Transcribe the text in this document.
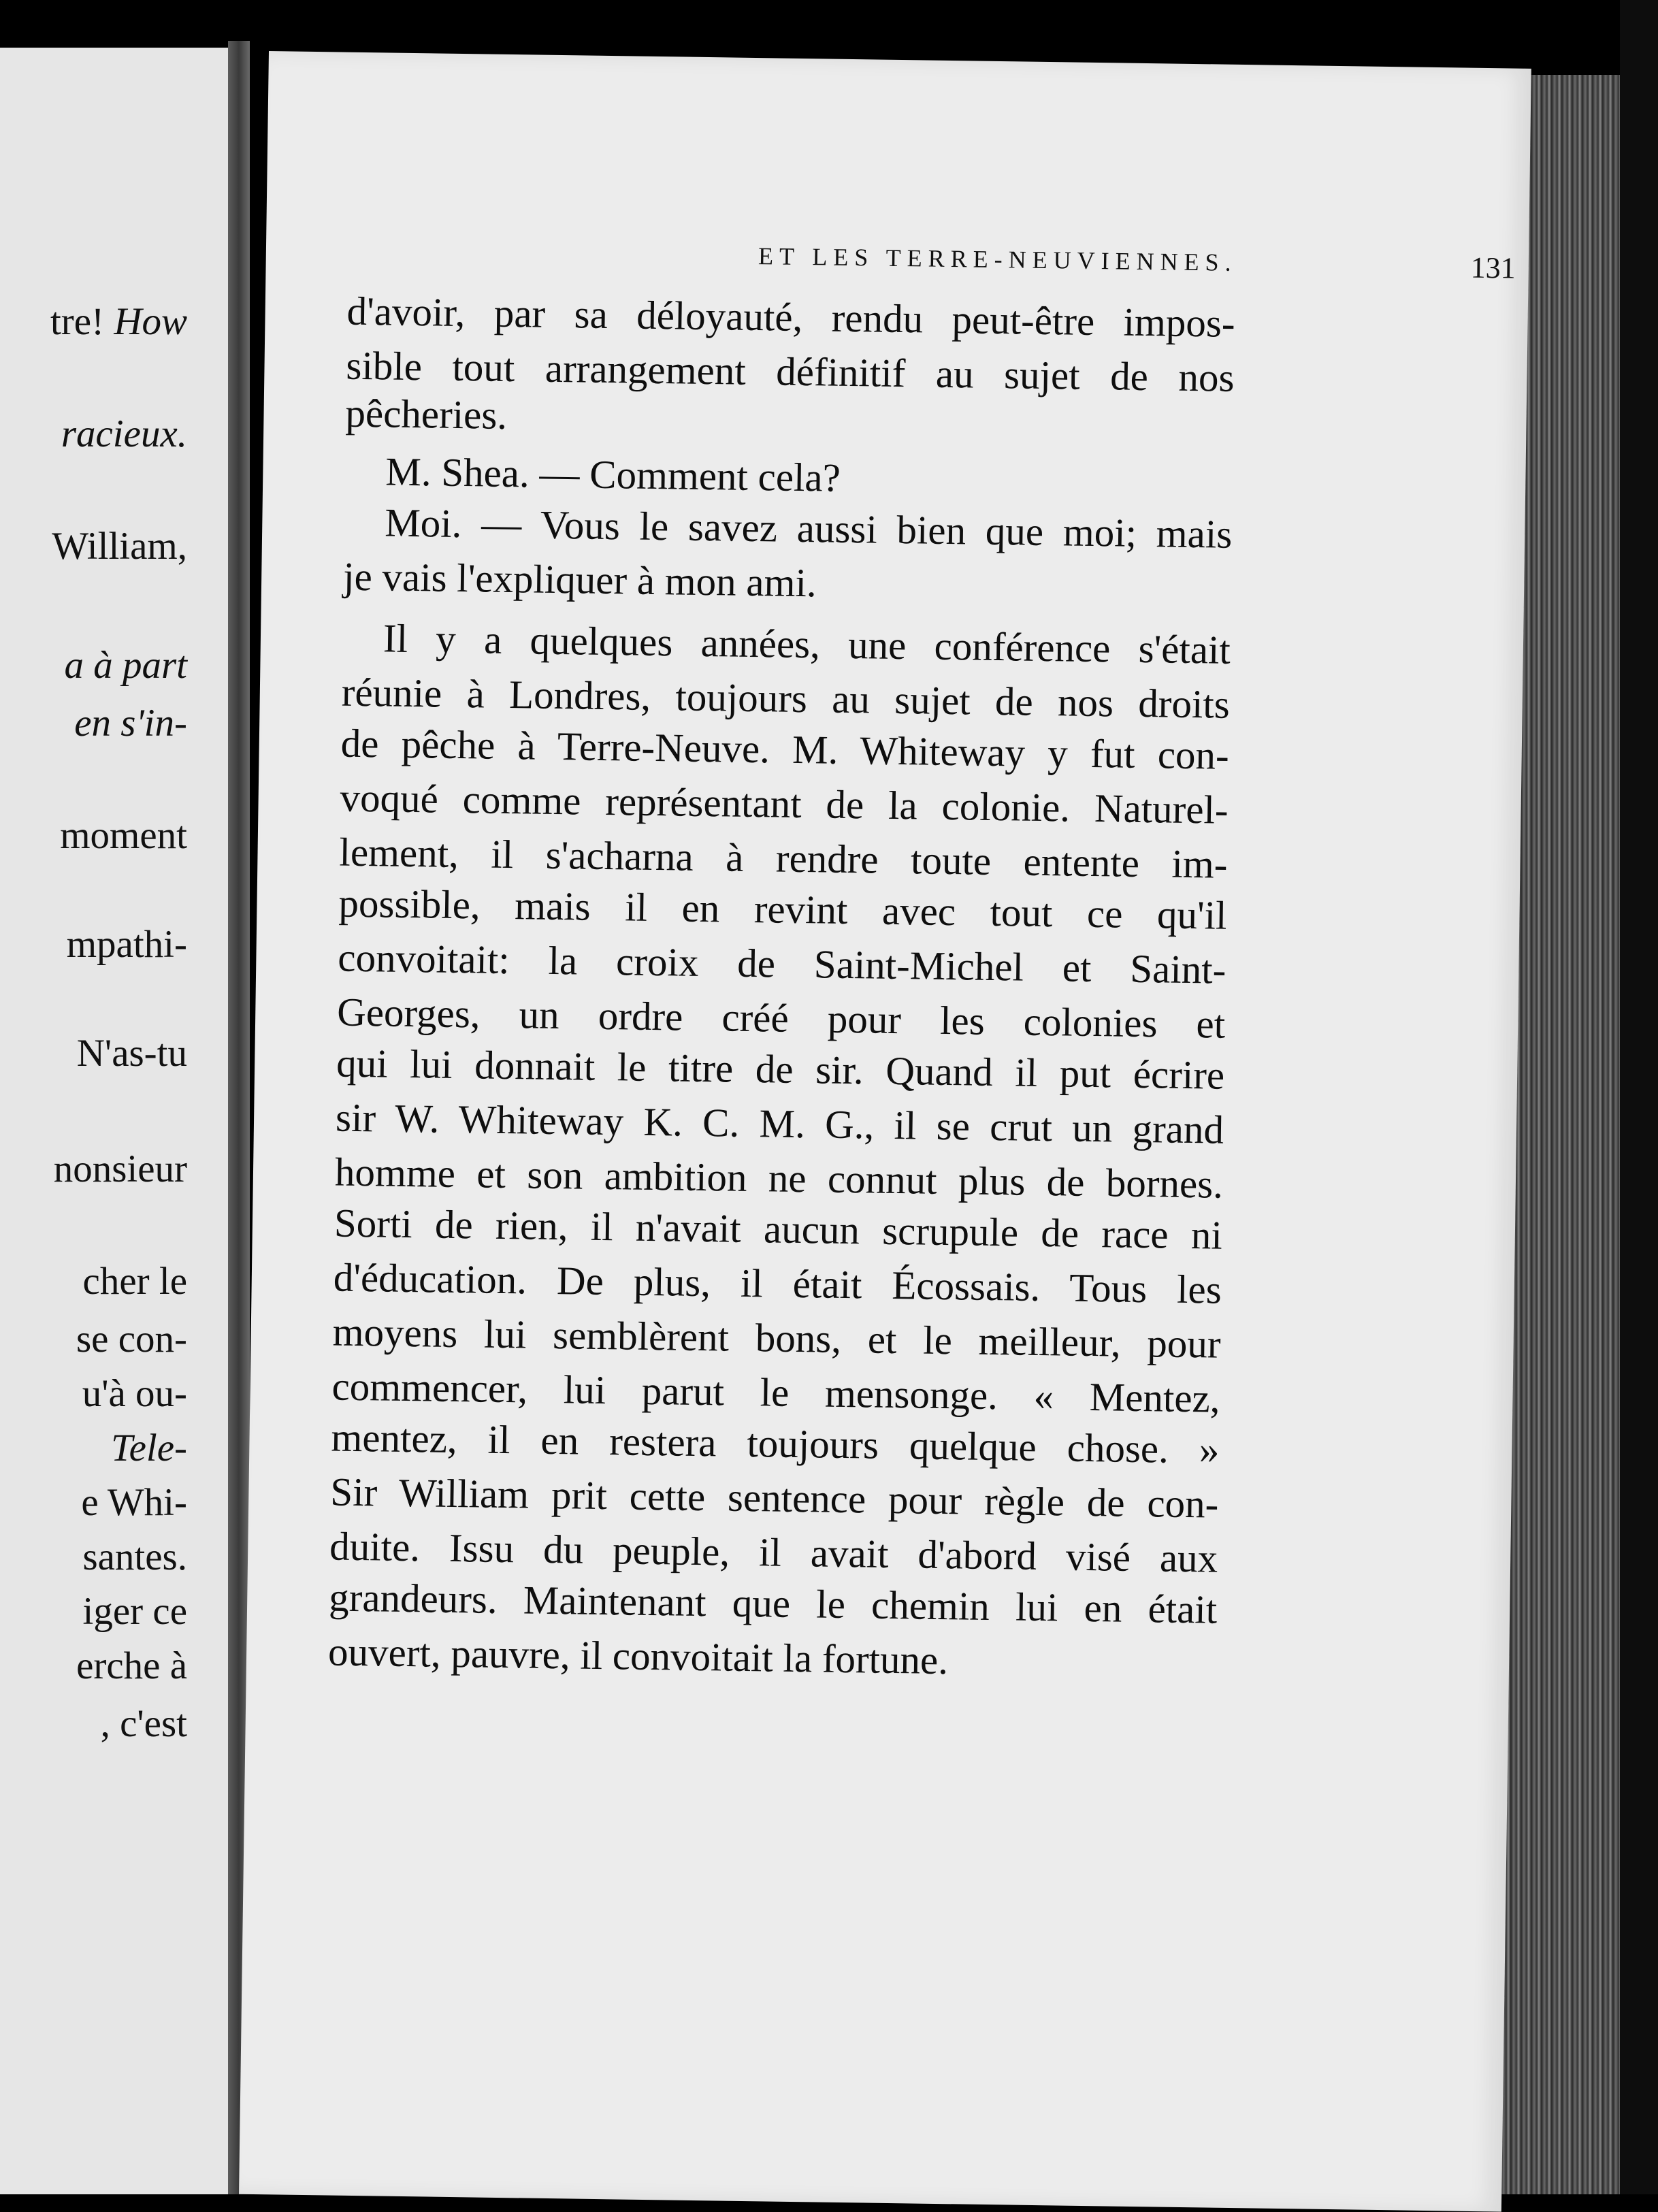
tre! How
racieux.
William,
a à part
en s'in-
moment
mpathi-
N'as-tu
nonsieur
cher le
se con-
u'à ou-
Tele-
e Whi-
santes.
iger ce
erche à
, c'est
ET LES TERRE-NEUVIENNES.	131
d'avoir, par sa déloyauté, rendu peut-être impos-
sible tout arrangement définitif au sujet de nos
pêcheries.
M. Shea. — Comment cela?
Moi. — Vous le savez aussi bien que moi; mais
je vais l'expliquer à mon ami.
Il y a quelques années, une conférence s'était
réunie à Londres, toujours au sujet de nos droits
de pêche à Terre-Neuve. M. Whiteway y fut con-
voqué comme représentant de la colonie. Naturel-
lement, il s'acharna à rendre toute entente im-
possible, mais il en revint avec tout ce qu'il
convoitait: la croix de Saint-Michel et Saint-
Georges, un ordre créé pour les colonies et
qui lui donnait le titre de sir. Quand il put écrire
sir W. Whiteway K. C. M. G., il se crut un grand
homme et son ambition ne connut plus de bornes.
Sorti de rien, il n'avait aucun scrupule de race ni
d'éducation. De plus, il était Écossais. Tous les
moyens lui semblèrent bons, et le meilleur, pour
commencer, lui parut le mensonge. « Mentez,
mentez, il en restera toujours quelque chose. »
Sir William prit cette sentence pour règle de con-
duite. Issu du peuple, il avait d'abord visé aux
grandeurs. Maintenant que le chemin lui en était
ouvert, pauvre, il convoitait la fortune.
